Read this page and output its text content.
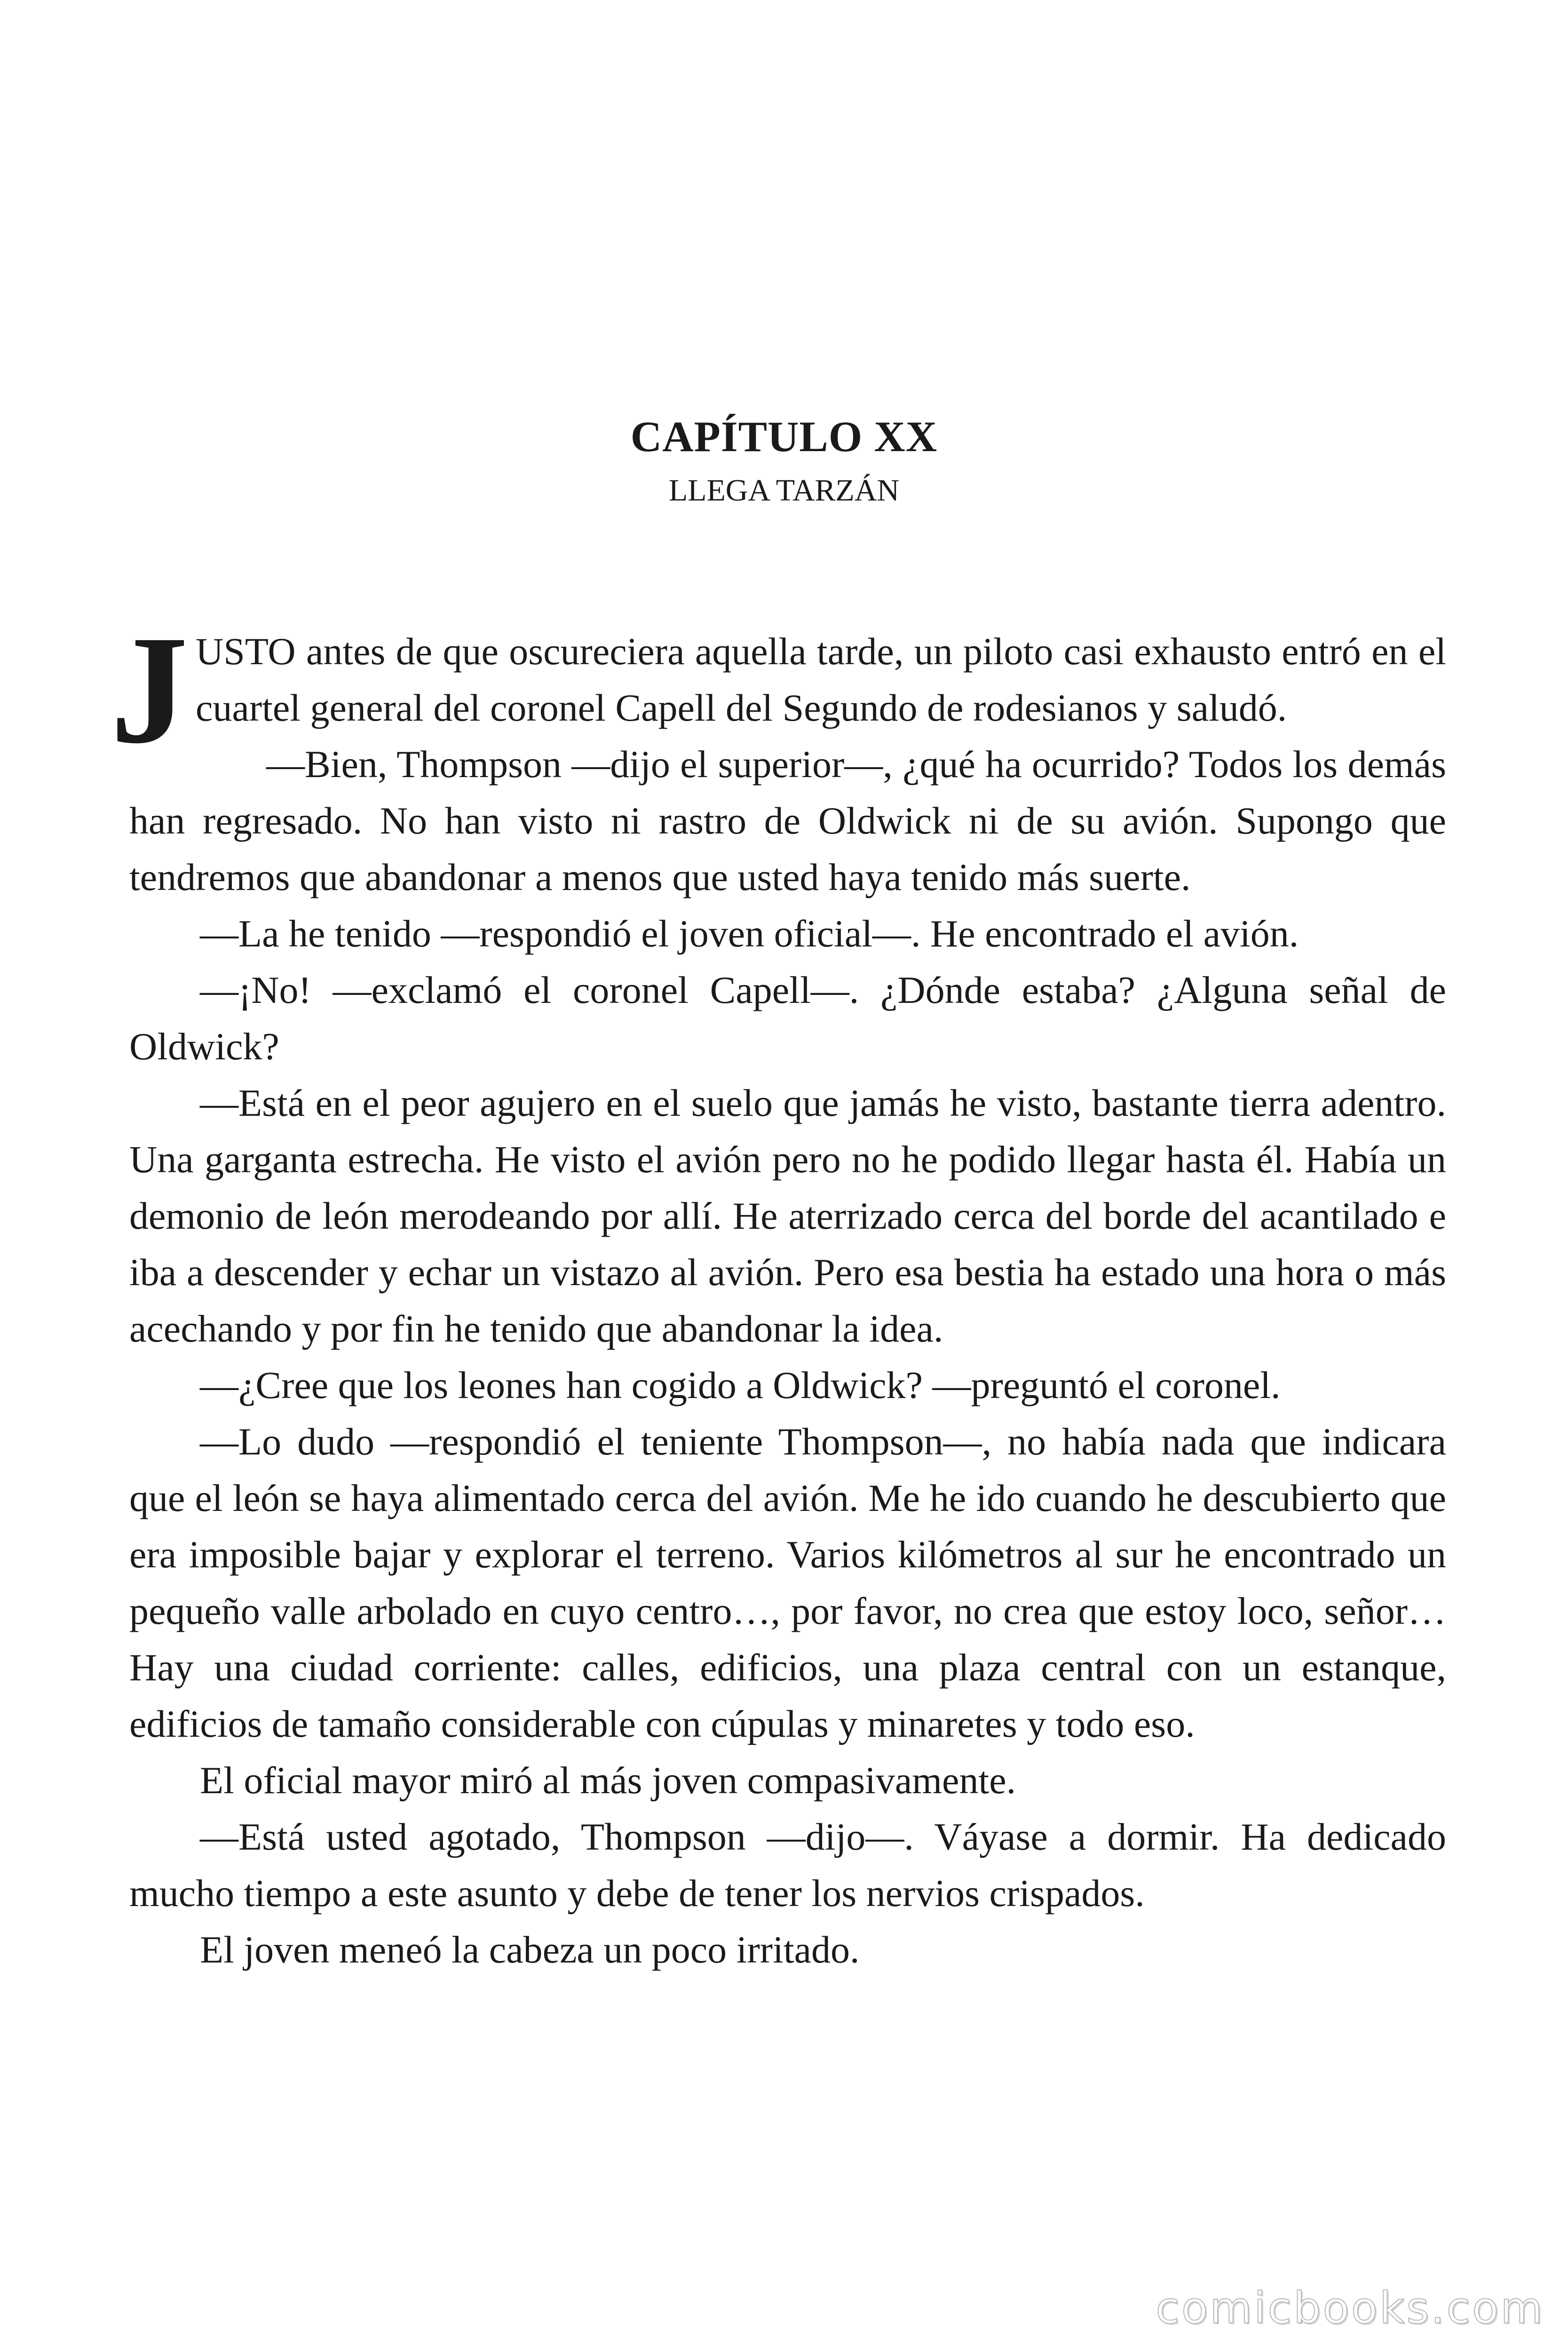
CAPÍTULO XX
LLEGA TARZÁN

JUSTO antes de que oscureciera aquella tarde, un piloto casi exhausto entró en el cuartel general del coronel Capell del Segundo de rodesianos y saludó.

—Bien, Thompson —dijo el superior—, ¿qué ha ocurrido? Todos los demás han regresado. No han visto ni rastro de Oldwick ni de su avión. Supongo que tendremos que abandonar a menos que usted haya tenido más suerte.

—La he tenido —respondió el joven oficial—. He encontrado el avión.

—¡No! —exclamó el coronel Capell—. ¿Dónde estaba? ¿Alguna señal de Oldwick?

—Está en el peor agujero en el suelo que jamás he visto, bastante tierra adentro. Una garganta estrecha. He visto el avión pero no he podido llegar hasta él. Había un demonio de león merodeando por allí. He aterrizado cerca del borde del acantilado e iba a descender y echar un vistazo al avión. Pero esa bestia ha estado una hora o más acechando y por fin he tenido que abandonar la idea.

—¿Cree que los leones han cogido a Oldwick? —preguntó el coronel.

—Lo dudo —respondió el teniente Thompson—, no había nada que indicara que el león se haya alimentado cerca del avión. Me he ido cuando he descubierto que era imposible bajar y explorar el terreno. Varios kilómetros al sur he encontrado un pequeño valle arbolado en cuyo centro…, por favor, no crea que estoy loco, señor… Hay una ciudad corriente: calles, edificios, una plaza central con un estanque, edificios de tamaño considerable con cúpulas y minaretes y todo eso.

El oficial mayor miró al más joven compasivamente.

—Está usted agotado, Thompson —dijo—. Váyase a dormir. Ha dedicado mucho tiempo a este asunto y debe de tener los nervios crispados.

El joven meneó la cabeza un poco irritado.

comicbooks.com
